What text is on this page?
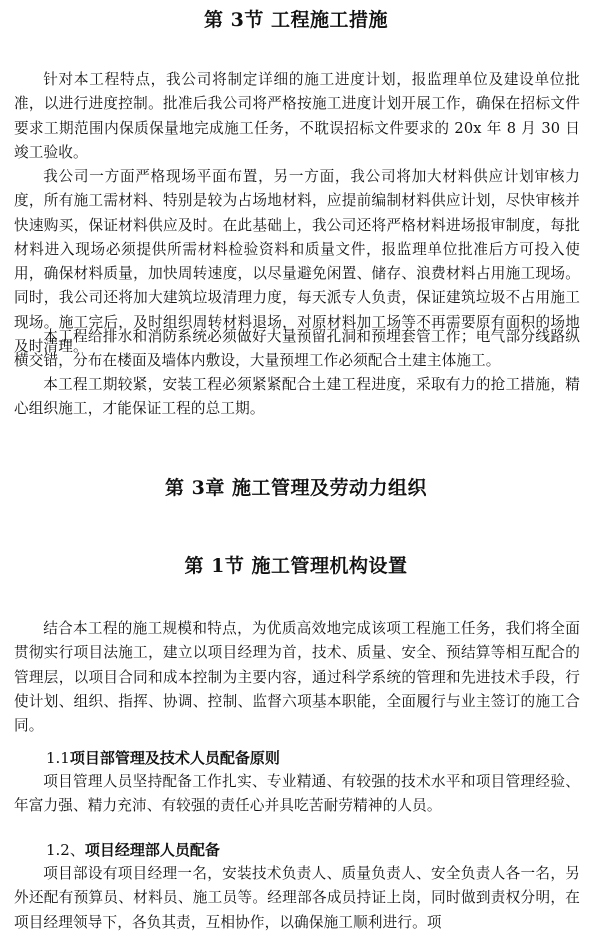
第 3节 工程施工措施
针对本工程特点，我公司将制定详细的施工进度计划，报监理单位及建设单位批准，以进行进度控制。批准后我公司将严格按施工进度计划开展工作，确保在招标文件要求工期范围内保质保量地完成施工任务，不耽误招标文件要求的 20x 年 8 月 30 日竣工验收。
我公司一方面严格现场平面布置，另一方面，我公司将加大材料供应计划审核力度，所有施工需材料、特别是较为占场地材料，应提前编制材料供应计划，尽快审核并快速购买，保证材料供应及时。在此基础上，我公司还将严格材料进场报审制度，每批材料进入现场必须提供所需材料检验资料和质量文件，报监理单位批准后方可投入使用，确保材料质量，加快周转速度，以尽量避免闲置、储存、浪费材料占用施工现场。同时，我公司还将加大建筑垃圾清理力度，每天派专人负责，保证建筑垃圾不占用施工现场。施工完后，及时组织周转材料退场，对原材料加工场等不再需要原有面积的场地及时清理。
本工程给排水和消防系统必须做好大量预留孔洞和预埋套管工作；电气部分线路纵横交错，分布在楼面及墙体内敷设，大量预埋工作必须配合土建主体施工。
本工程工期较紧，安装工程必须紧紧配合土建工程进度，采取有力的抢工措施，精心组织施工，才能保证工程的总工期。
第 3章 施工管理及劳动力组织
第 1节 施工管理机构设置
结合本工程的施工规模和特点，为优质高效地完成该项工程施工任务，我们将全面贯彻实行项目法施工，建立以项目经理为首，技术、质量、安全、预结算等相互配合的管理层，以项目合同和成本控制为主要内容，通过科学系统的管理和先进技术手段，行使计划、组织、指挥、协调、控制、监督六项基本职能，全面履行与业主签订的施工合同。
1.1项目部管理及技术人员配备原则
项目管理人员坚持配备工作扎实、专业精通、有较强的技术水平和项目管理经验、年富力强、精力充沛、有较强的责任心并具吃苦耐劳精神的人员。
1.2、项目经理部人员配备
项目部设有项目经理一名，安装技术负责人、质量负责人、安全负责人各一名，另外还配有预算员、材料员、施工员等。经理部各成员持证上岗，同时做到责权分明，在项目经理领导下，各负其责，互相协作，以确保施工顺利进行。项
